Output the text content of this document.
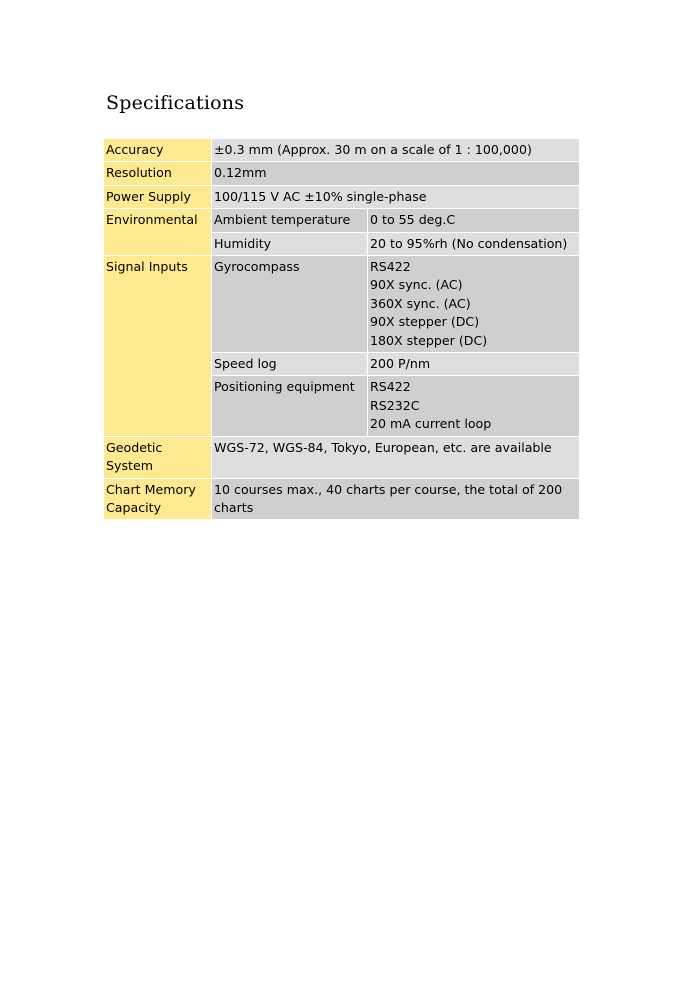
Specifications
Accuracy	±0.3 mm (Approx. 30 m on a scale of 1 : 100,000)	
Resolution	0.12mm	
Power Supply	100/115 V AC ±10% single-phase	
Environmental	Ambient temperature	0 to 55 deg.C
	Humidity	20 to 95%rh (No condensation)
Signal Inputs	Gyrocompass	RS422
90X sync. (AC)
360X sync. (AC)
90X stepper (DC)
180X stepper (DC)

	Speed log	200 P/nm
	Positioning equipment	RS422
RS232C
20 mA current loop

Geodetic System	WGS-72, WGS-84, Tokyo, European, etc. are available	

Chart Memory
Capacity	10 courses max., 40 charts per course, the total of 200 charts	
